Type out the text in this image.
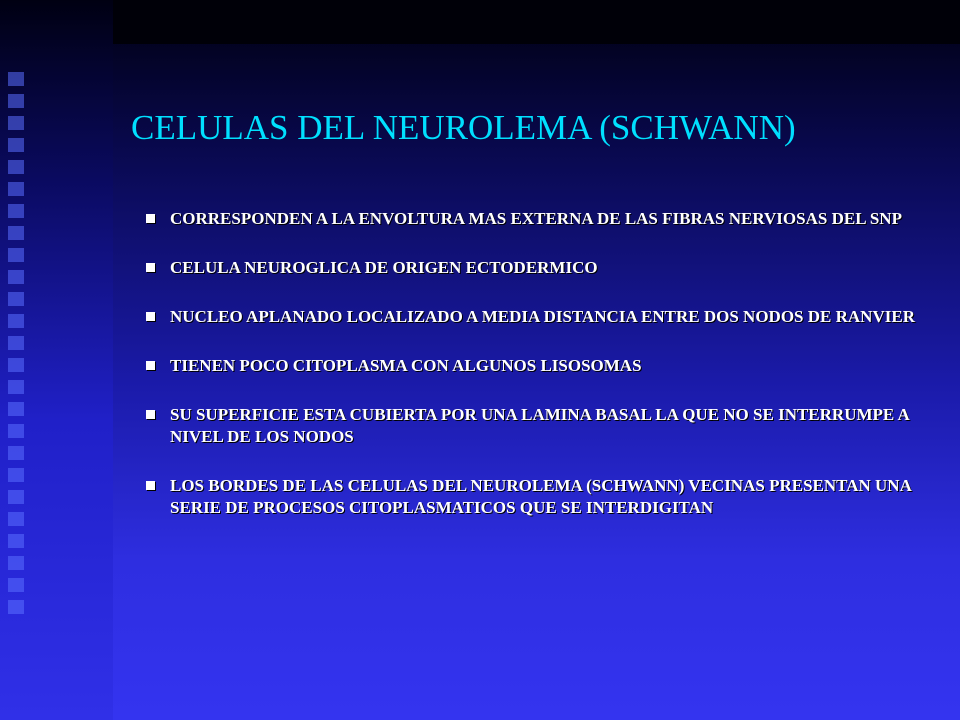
CELULAS DEL NEUROLEMA (SCHWANN)
CORRESPONDEN A LA ENVOLTURA MAS EXTERNA DE LAS FIBRAS NERVIOSAS DEL SNP
CELULA NEUROGLICA DE ORIGEN ECTODERMICO
NUCLEO APLANADO LOCALIZADO A MEDIA DISTANCIA ENTRE DOS NODOS DE RANVIER
TIENEN POCO CITOPLASMA CON ALGUNOS LISOSOMAS
SU SUPERFICIE ESTA CUBIERTA POR UNA LAMINA BASAL LA QUE NO SE INTERRUMPE A NIVEL DE LOS NODOS
LOS BORDES DE LAS CELULAS DEL NEUROLEMA (SCHWANN) VECINAS PRESENTAN UNA SERIE DE PROCESOS CITOPLASMATICOS QUE SE INTERDIGITAN
